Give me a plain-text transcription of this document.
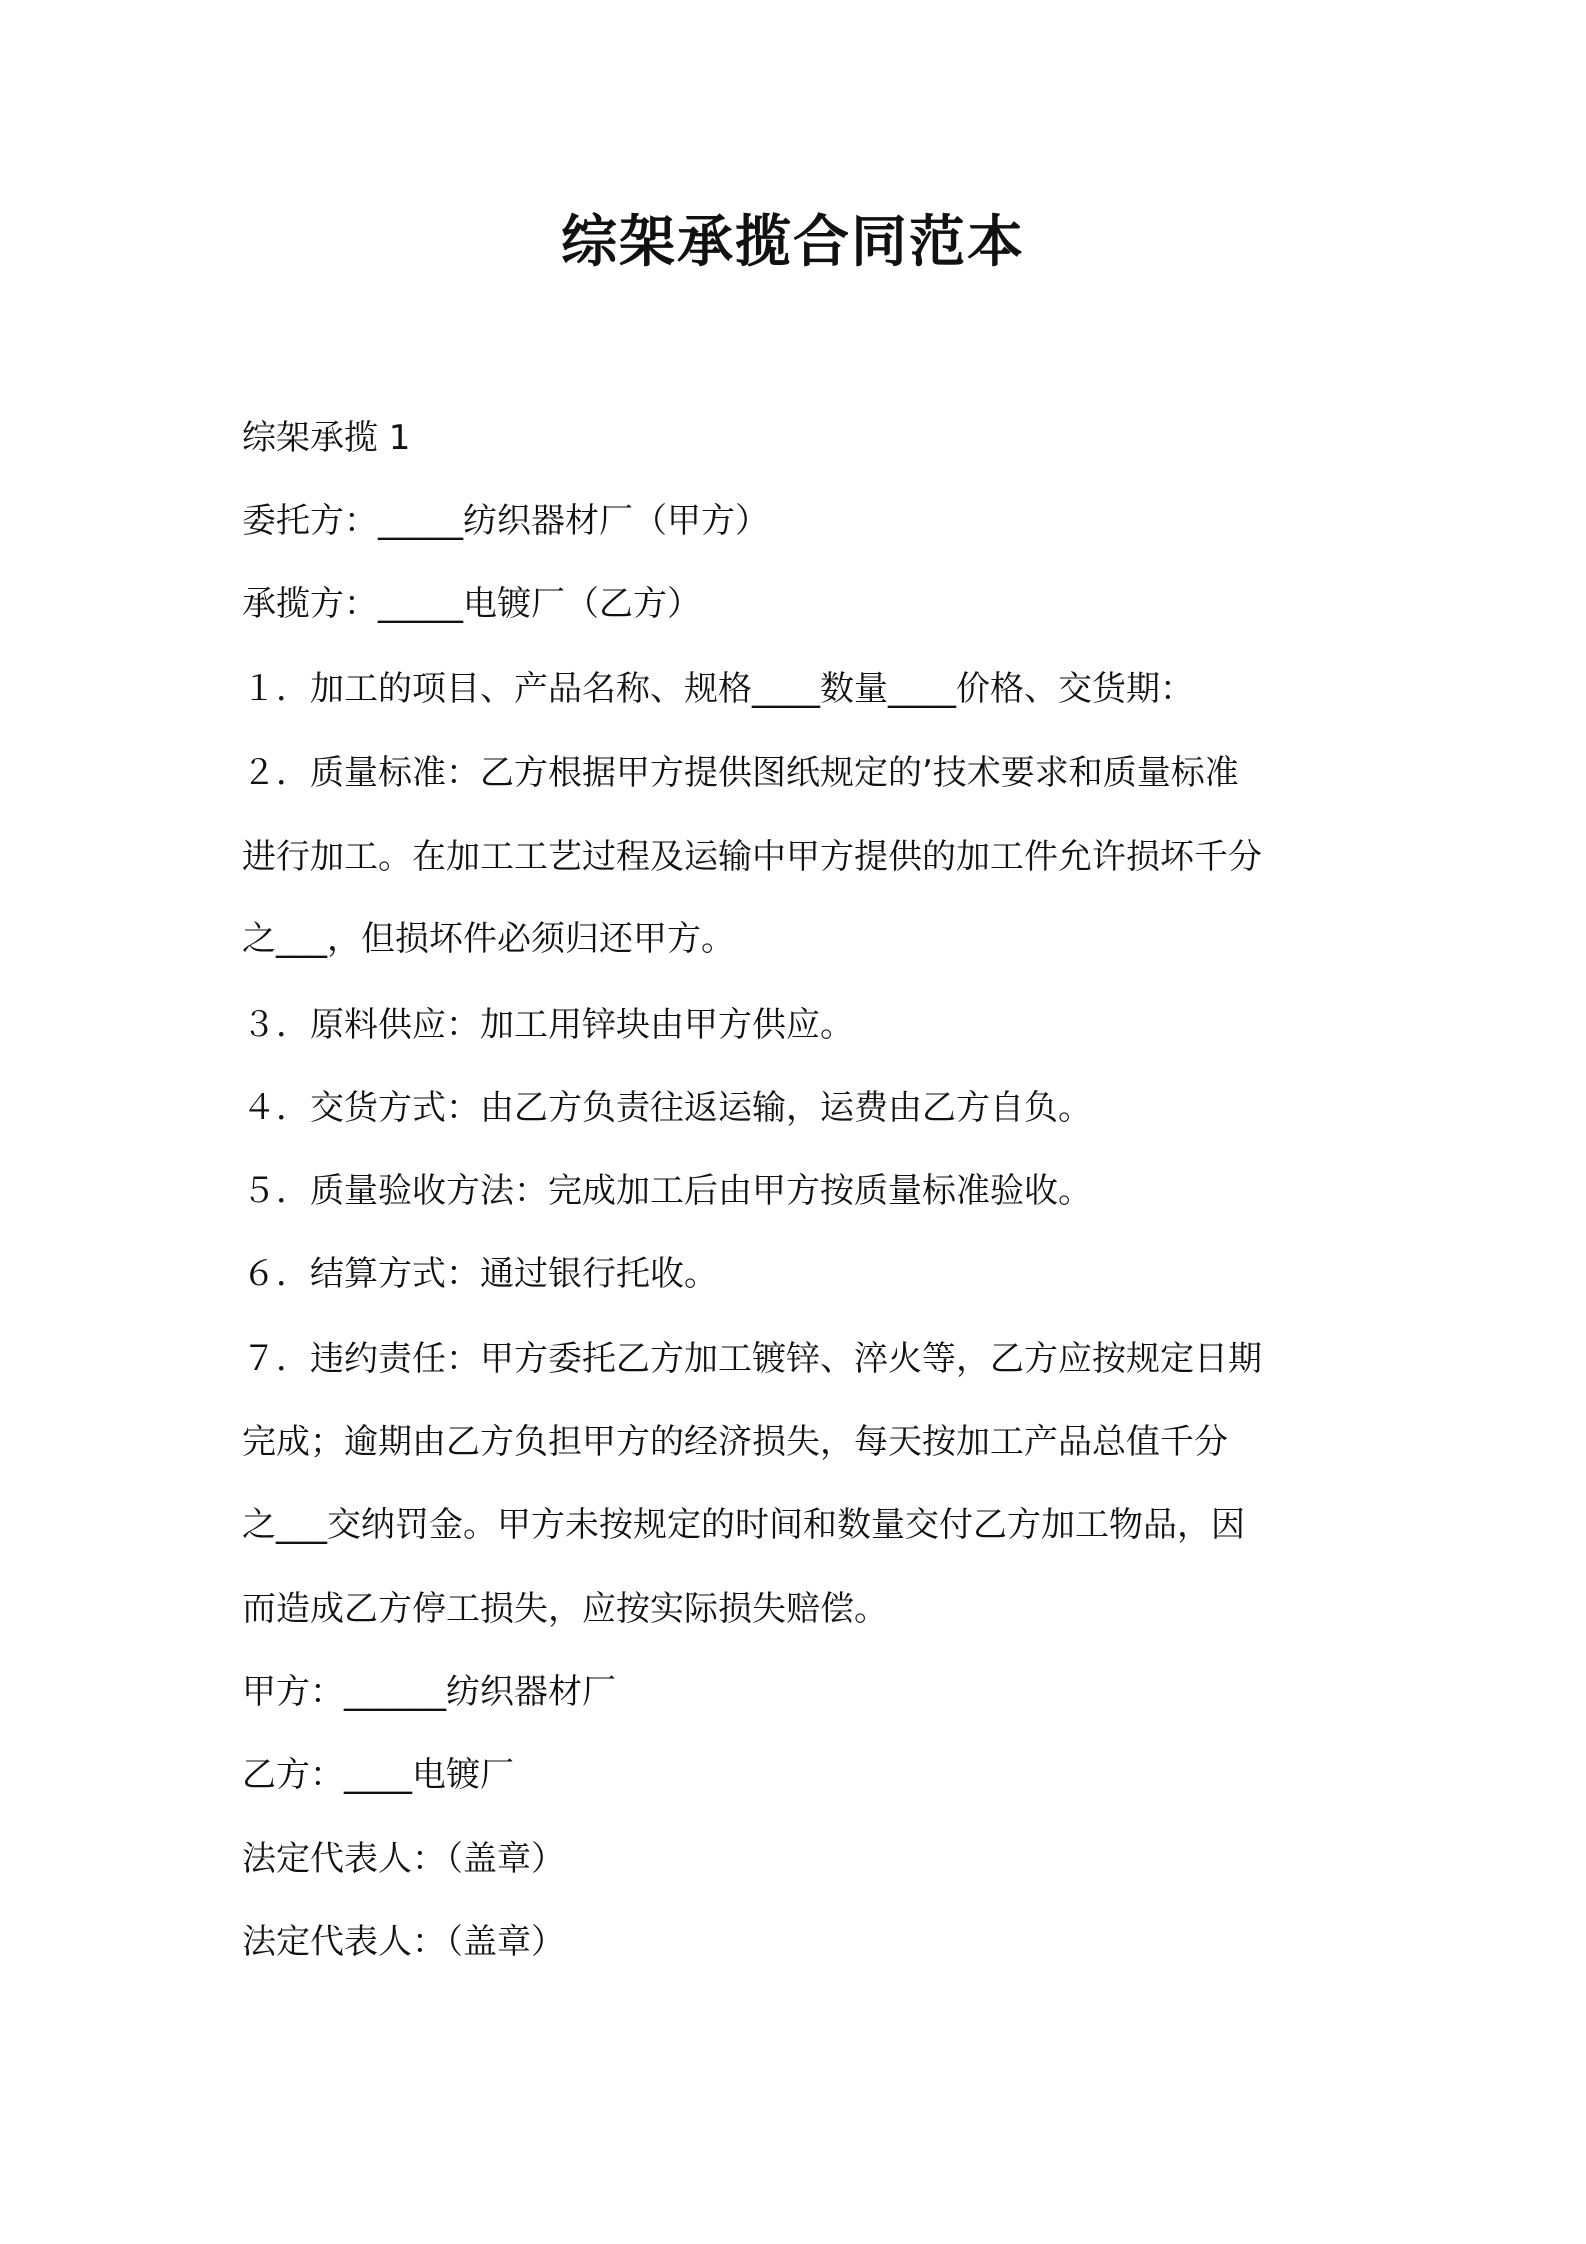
综架承揽合同范本

综架承揽 1

委托方：_____纺织器材厂（甲方）

承揽方：_____电镀厂（乙方）

１．加工的项目、产品名称、规格____数量____价格、交货期：

２．质量标准：乙方根据甲方提供图纸规定的’技术要求和质量标准

进行加工。在加工工艺过程及运输中甲方提供的加工件允许损坏千分

之___，但损坏件必须归还甲方。

３．原料供应：加工用锌块由甲方供应。

４．交货方式：由乙方负责往返运输，运费由乙方自负。

５．质量验收方法：完成加工后由甲方按质量标准验收。

６．结算方式：通过银行托收。

７．违约责任：甲方委托乙方加工镀锌、淬火等，乙方应按规定日期

完成；逾期由乙方负担甲方的经济损失，每天按加工产品总值千分

之___交纳罚金。甲方未按规定的时间和数量交付乙方加工物品，因

而造成乙方停工损失，应按实际损失赔偿。

甲方：______纺织器材厂

乙方：____电镀厂

法定代表人：（盖章）

法定代表人：（盖章）
